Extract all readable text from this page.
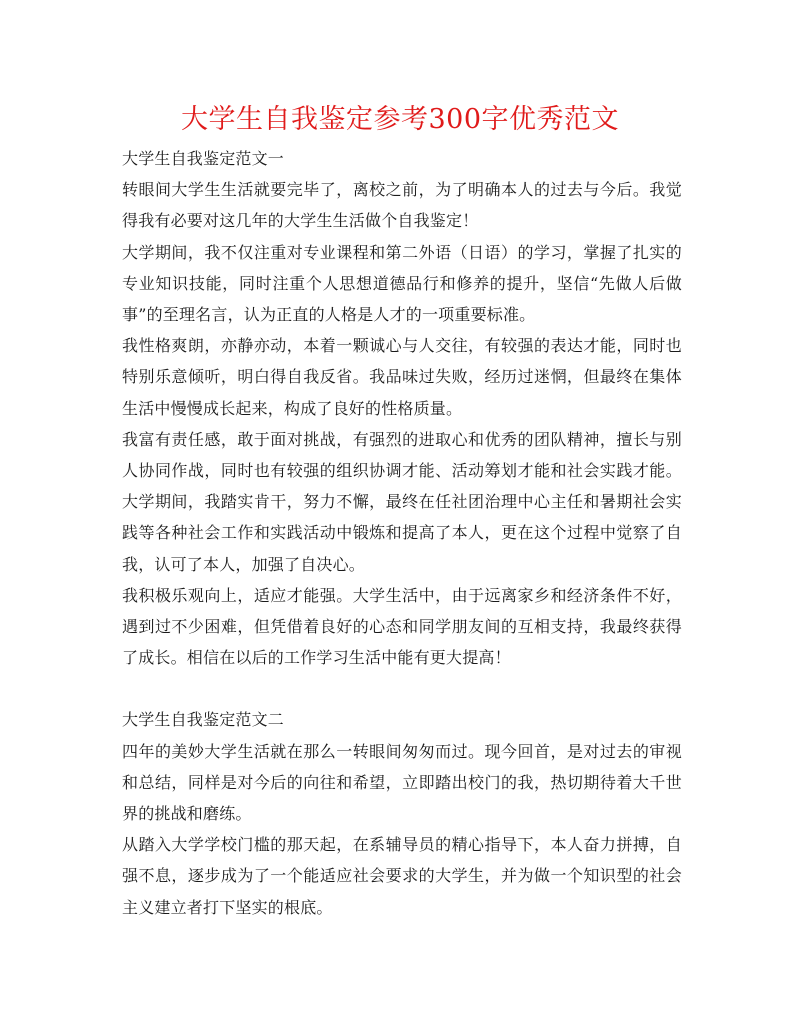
大学生自我鉴定参考300字优秀范文

大学生自我鉴定范文一

转眼间大学生生活就要完毕了，离校之前，为了明确本人的过去与今后。我觉得我有必要对这几年的大学生生活做个自我鉴定！

大学期间，我不仅注重对专业课程和第二外语（日语）的学习，掌握了扎实的专业知识技能，同时注重个人思想道德品行和修养的提升，坚信“先做人后做事”的至理名言，认为正直的人格是人才的一项重要标准。

我性格爽朗，亦静亦动，本着一颗诚心与人交往，有较强的表达才能，同时也特别乐意倾听，明白得自我反省。我品味过失败，经历过迷惘，但最终在集体生活中慢慢成长起来，构成了良好的性格质量。

我富有责任感，敢于面对挑战，有强烈的进取心和优秀的团队精神，擅长与别人协同作战，同时也有较强的组织协调才能、活动筹划才能和社会实践才能。大学期间，我踏实肯干，努力不懈，最终在任社团治理中心主任和暑期社会实践等各种社会工作和实践活动中锻炼和提高了本人，更在这个过程中觉察了自我，认可了本人，加强了自决心。

我积极乐观向上，适应才能强。大学生活中，由于远离家乡和经济条件不好，遇到过不少困难，但凭借着良好的心态和同学朋友间的互相支持，我最终获得了成长。相信在以后的工作学习生活中能有更大提高！

大学生自我鉴定范文二

四年的美妙大学生活就在那么一转眼间匆匆而过。现今回首，是对过去的审视和总结，同样是对今后的向往和希望，立即踏出校门的我，热切期待着大千世界的挑战和磨练。

从踏入大学学校门槛的那天起，在系辅导员的精心指导下，本人奋力拼搏，自强不息，逐步成为了一个能适应社会要求的大学生，并为做一个知识型的社会主义建立者打下坚实的根底。
